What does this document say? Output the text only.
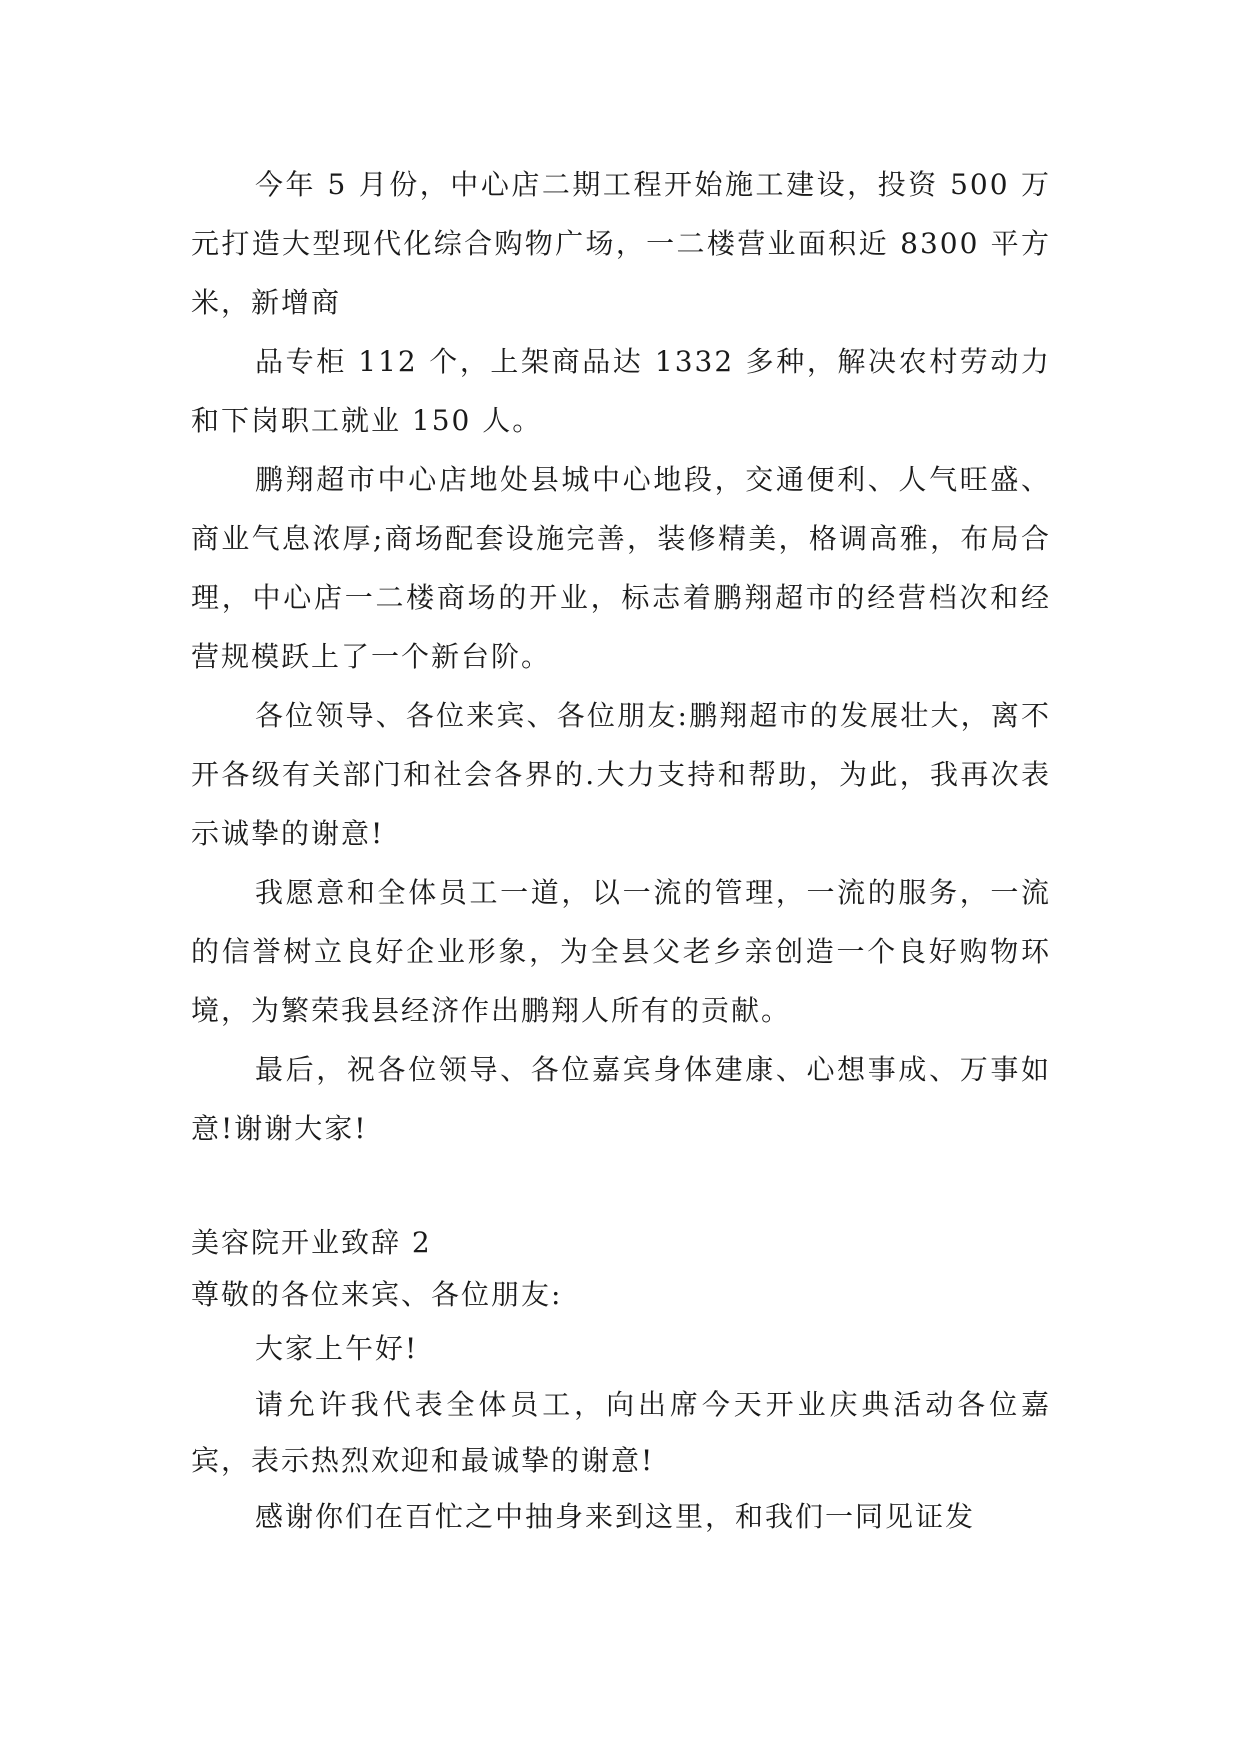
今年 5 月份，中心店二期工程开始施工建设，投资 500 万元打造大型现代化综合购物广场，一二楼营业面积近 8300 平方米，新增商

品专柜 112 个，上架商品达 1332 多种，解决农村劳动力和下岗职工就业 150 人。

鹏翔超市中心店地处县城中心地段，交通便利、人气旺盛、商业气息浓厚;商场配套设施完善，装修精美，格调高雅，布局合理，中心店一二楼商场的开业，标志着鹏翔超市的经营档次和经营规模跃上了一个新台阶。

各位领导、各位来宾、各位朋友:鹏翔超市的发展壮大，离不开各级有关部门和社会各界的.大力支持和帮助，为此，我再次表示诚挚的谢意!

我愿意和全体员工一道，以一流的管理，一流的服务，一流的信誉树立良好企业形象，为全县父老乡亲创造一个良好购物环境，为繁荣我县经济作出鹏翔人所有的贡献。

最后，祝各位领导、各位嘉宾身体建康、心想事成、万事如意!谢谢大家!

美容院开业致辞 2

尊敬的各位来宾、各位朋友:

大家上午好!

请允许我代表全体员工，向出席今天开业庆典活动各位嘉宾，表示热烈欢迎和最诚挚的谢意!

感谢你们在百忙之中抽身来到这里，和我们一同见证发
